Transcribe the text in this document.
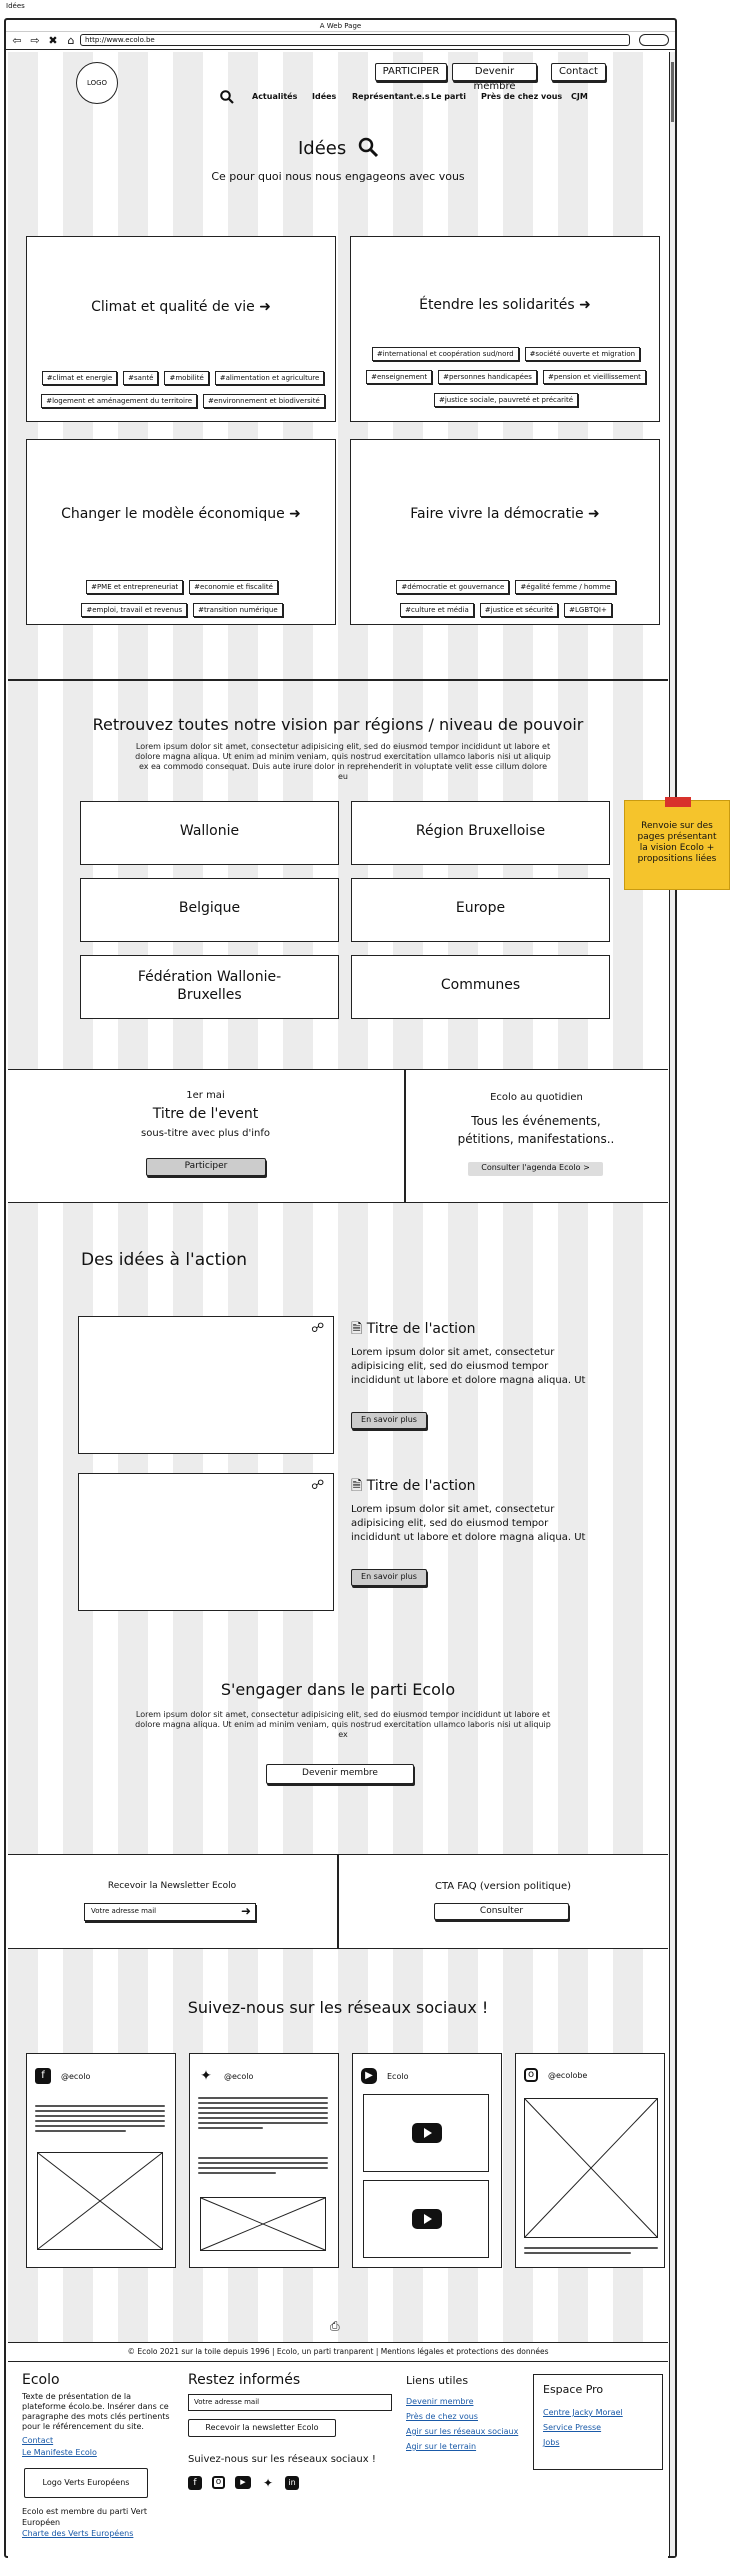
Idées
A Web Page
⇦ ⇨ ✖ ⌂	http://www.ecolo.be
LOGO
PARTICIPER	Devenir membre
Contact
Actualités	Idées	Représentant.e.s Le parti	Près de chez vous	CJM
Idées
Ce pour quoi nous nous engageons avec vous
Climat et qualité de vie ➜
#climat et energie #santé #mobilité #alimentation et agriculture#logement et aménagement du territoire #environnement et biodiversité
Étendre les solidarités ➜
#international et coopération sud/nord #société ouverte et migration#enseignement #personnes handicapées #pension et vieillissement#justice sociale, pauvreté et précarité
Changer le modèle économique ➜
#PME et entrepreneuriat #economie et fiscalité#emploi, travail et revenus #transition numérique
Faire vivre la démocratie ➜
#démocratie et gouvernance #égalité femme / homme#culture et média #justice et sécurité #LGBTQI+
Retrouvez toutes notre vision par régions / niveau de pouvoir
Lorem ipsum dolor sit amet, consectetur adipisicing elit, sed do eiusmod tempor incididunt ut labore et dolore magna aliqua. Ut enim ad minim veniam, quis nostrud exercitation ullamco laboris nisi ut aliquip ex ea commodo consequat. Duis aute irure dolor in reprehenderit in voluptate velit esse cillum dolore eu
Wallonie	Région Bruxelloise
Belgique	Europe
Fédération Wallonie-Bruxelles
Communes
1er mai
Titre de l'event
sous-titre avec plus d'info
Participer
Ecolo au quotidien
Tous les événements, pétitions, manifestations..
Consulter l'agenda Ecolo >
Des idées à l'action
☍ 🗎 Titre de l'action
Lorem ipsum dolor sit amet, consectetur adipisicing elit, sed do eiusmod tempor incididunt ut labore et dolore magna aliqua. Ut
En savoir plus
☍ 🗎 Titre de l'action
Lorem ipsum dolor sit amet, consectetur adipisicing elit, sed do eiusmod tempor incididunt ut labore et dolore magna aliqua. Ut
En savoir plus
S'engager dans le parti Ecolo
Lorem ipsum dolor sit amet, consectetur adipisicing elit, sed do eiusmod tempor incididunt ut labore et dolore magna aliqua. Ut enim ad minim veniam, quis nostrud exercitation ullamco laboris nisi ut aliquip ex
Devenir membre
Recevoir la Newsletter Ecolo
Votre adresse mail	➜
CTA FAQ (version politique)
Consulter
Suivez-nous sur les réseaux sociaux !
f	@ecolo	✦ @ecolo	▶	Ecolo	o	@ecolobe
⎙
© Ecolo 2021 sur la toile depuis 1996 | Ecolo, un parti tranparent | Mentions légales et protections des données
Ecolo
Texte de présentation de la plateforme écolo.be. Insérer dans ce paragraphe des mots clés pertinents pour le référencement du site.
Contact
Le Manifeste Ecolo
Logo Verts Européens
Ecolo est membre du parti Vert Européen
Charte des Verts Européens
Restez informés
Votre adresse mail
Recevoir la newsletter Ecolo
Suivez-nous sur les réseaux sociaux !
f	o	▶	✦	in
Liens utiles
Devenir membre
Près de chez vous
Agir sur les réseaux sociaux
Agir sur le terrain
Espace Pro
Centre Jacky Morael
Service Presse
Jobs
Renvoie sur des pages présentant la vision Ecolo + propositions liées
